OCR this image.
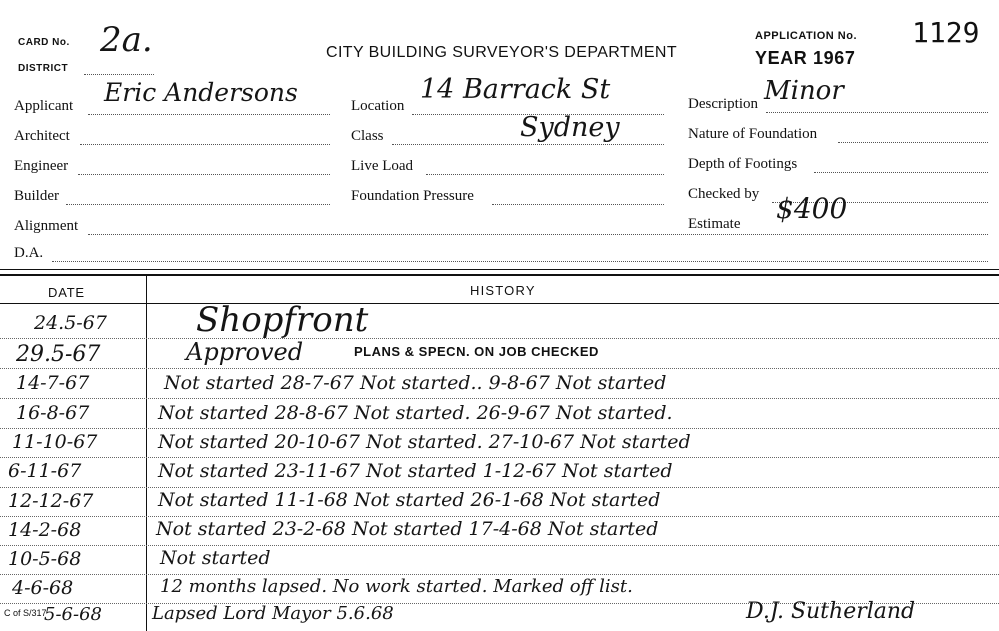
CARD No. 2a.
DISTRICT
CITY BUILDING SURVEYOR'S DEPARTMENT
APPLICATION No. 1129
YEAR 1967
Applicant Eric Andersons
Architect
Engineer
Builder
Alignment
D.A.
Location
14 Barrack St
Class	Sydney
Live Load
Foundation Pressure
Description Minor
Nature of Foundation
Depth of Footings
Checked by
Estimate $400
DATE	HISTORY
24.5-67	Shopfront
29.5-67	Approved	PLANS & SPECN. ON JOB CHECKED
14-7-67	Not started 28-7-67 Not started.. 9-8-67 Not started
16-8-67	Not started 28-8-67 Not started. 26-9-67 Not started.
11-10-67	Not started 20-10-67 Not started. 27-10-67 Not started
6-11-67	Not started 23-11-67 Not started 1-12-67 Not started
12-12-67	Not started 11-1-68 Not started 26-1-68 Not started
14-2-68	Not started 23-2-68 Not started 17-4-68 Not started
10-5-68	Not started
4-6-68	12 months lapsed. No work started. Marked off list.
C of S/317
5-6-68	Lapsed Lord Mayor 5.6.68	D.J. Sutherland
